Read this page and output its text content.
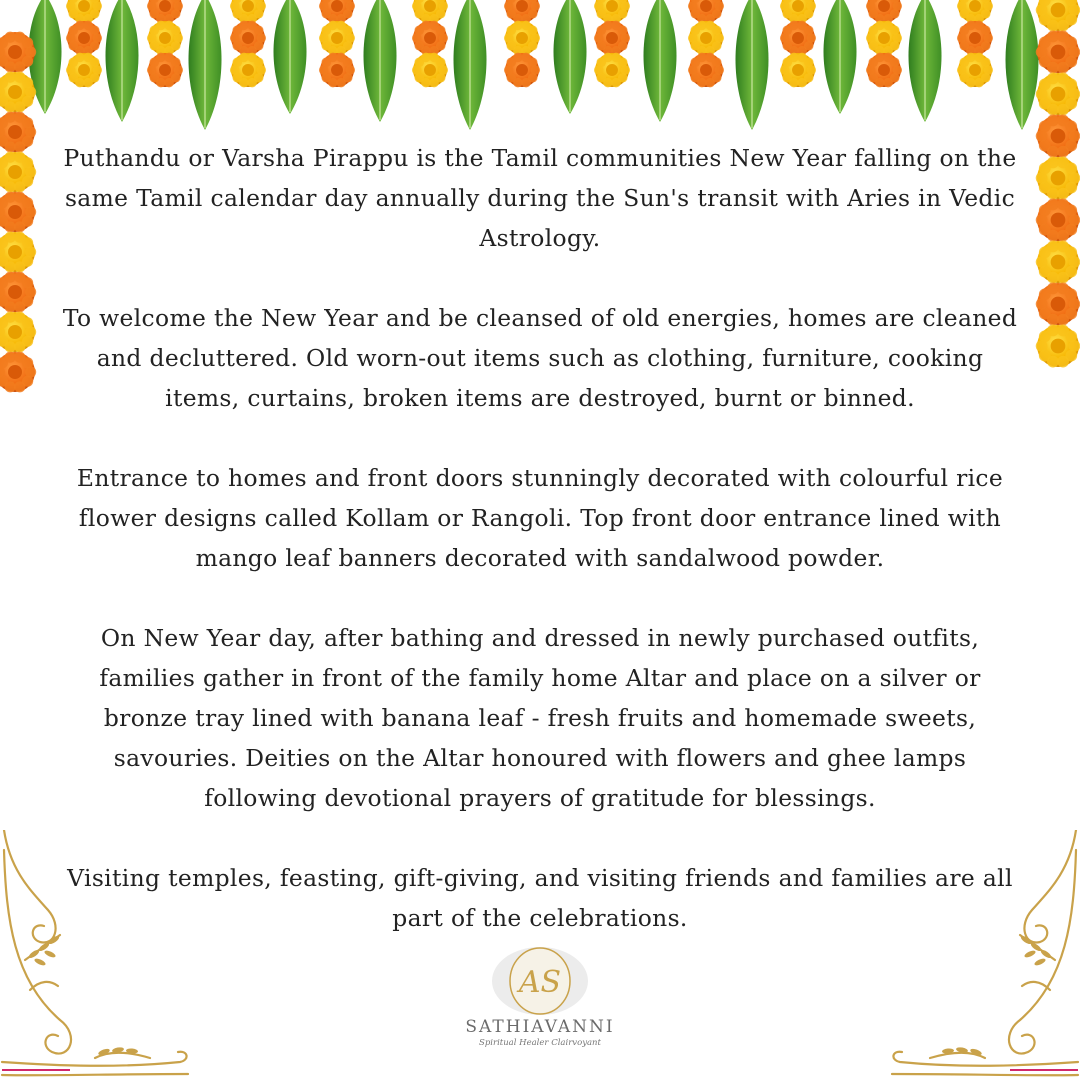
Puthandu or Varsha Pirappu is the Tamil communities New Year falling on the same Tamil calendar day annually during the Sun's transit with Aries in Vedic Astrology.

To welcome the New Year and be cleansed of old energies, homes are cleaned and decluttered. Old worn-out items such as clothing, furniture, cooking items, curtains, broken items are destroyed, burnt or binned.

Entrance to homes and front doors stunningly decorated with colourful rice flower designs called Kollam or Rangoli. Top front door entrance lined with mango leaf banners decorated with sandalwood powder.

On New Year day, after bathing and dressed in newly purchased outfits, families gather in front of the family home Altar and place on a silver or bronze tray lined with banana leaf - fresh fruits and homemade sweets, savouries. Deities on the Altar honoured with flowers and ghee lamps following devotional prayers of gratitude for blessings.

Visiting temples, feasting, gift-giving, and visiting friends and families are all part of the celebrations.

AS
SATHIAVANNI
Spiritual Healer Clairvoyant
